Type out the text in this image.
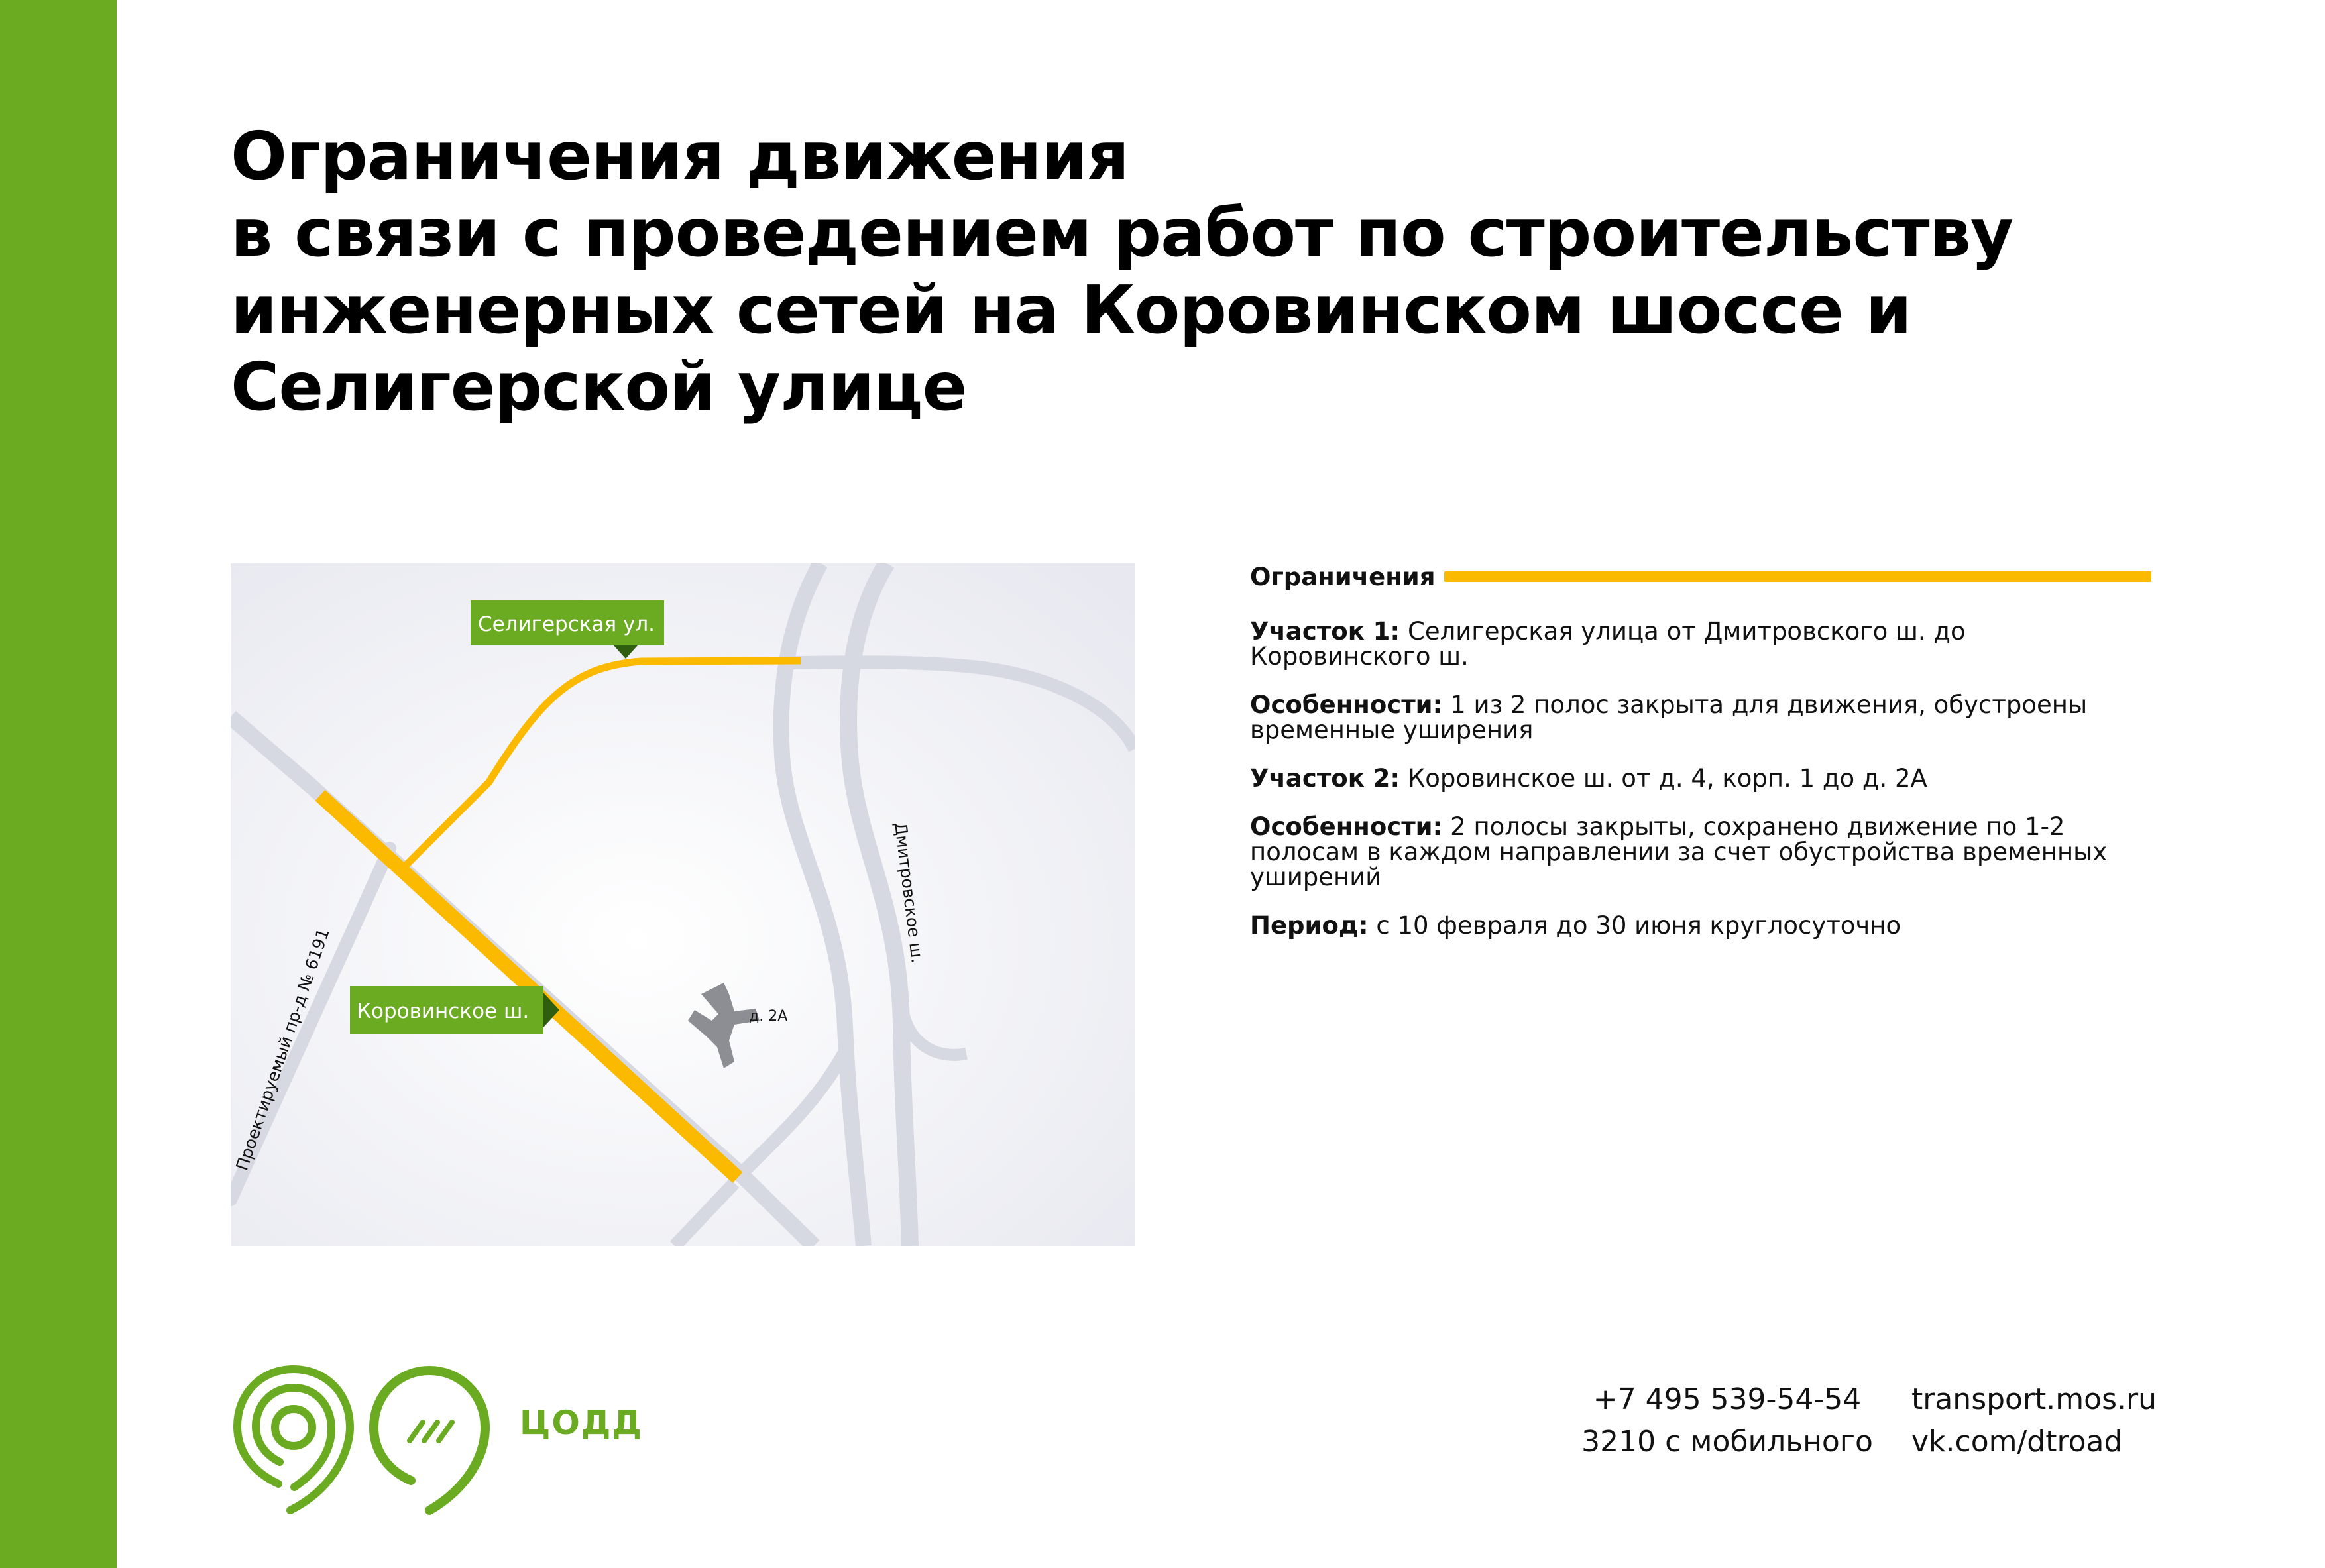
Ограничения движения
в связи с проведением работ по строительству
инженерных сетей на Коровинском шоссе и
Селигерской улице
Селигерская ул.
Коровинское ш.	д. 2А
Дмитровское ш.
Проектируемый пр-д № 6191
Ограничения

Участок 1: Селигерская улица от Дмитровского ш. до Коровинского ш.

Особенности: 1 из 2 полос закрыта для движения, обустроены временные уширения

Участок 2: Коровинское ш. от д. 4, корп. 1 до д. 2А

Особенности: 2 полосы закрыты, сохранено движение по 1-2 полосам в каждом направлении за счет обустройства временных уширений

Период: с 10 февраля до 30 июня круглосуточно

ЦОДД
+7 495 539-54-54
3210 с мобильного
transport.mos.ru
vk.com/dtroad
